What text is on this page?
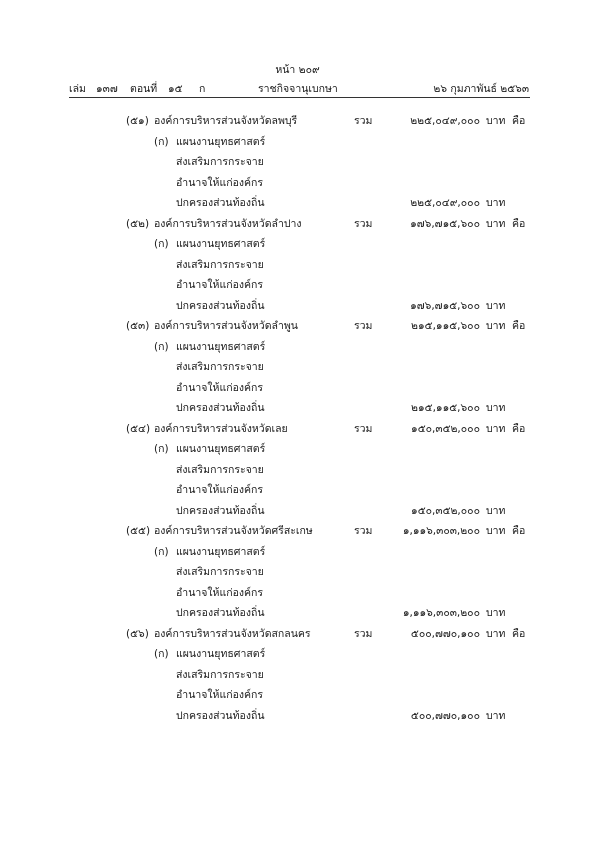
หน้า ๒๐๙
เล่ม ๑๓๗ ตอนที่ ๑๕ ก	ราชกิจจานุเบกษา	๒๖ กุมภาพันธ์ ๒๕๖๓
(๕๑) องค์การบริหารส่วนจังหวัดลพบุรี	รวม	๒๒๕,๐๔๙,๐๐๐ บาท คือ
(ก) แผนงานยุทธศาสตร์
ส่งเสริมการกระจาย
อำนาจให้แก่องค์กร
ปกครองส่วนท้องถิ่น	๒๒๕,๐๔๙,๐๐๐ บาท
(๕๒) องค์การบริหารส่วนจังหวัดลำปาง	รวม	๑๗๖,๗๑๕,๖๐๐ บาท คือ
(ก) แผนงานยุทธศาสตร์
ส่งเสริมการกระจาย
อำนาจให้แก่องค์กร
ปกครองส่วนท้องถิ่น	๑๗๖,๗๑๕,๖๐๐ บาท
(๕๓) องค์การบริหารส่วนจังหวัดลำพูน	รวม	๒๑๕,๑๑๕,๖๐๐ บาท คือ
(ก) แผนงานยุทธศาสตร์
ส่งเสริมการกระจาย
อำนาจให้แก่องค์กร
ปกครองส่วนท้องถิ่น	๒๑๕,๑๑๕,๖๐๐ บาท
(๕๔) องค์การบริหารส่วนจังหวัดเลย	รวม	๑๕๐,๓๕๒,๐๐๐ บาท คือ
(ก) แผนงานยุทธศาสตร์
ส่งเสริมการกระจาย
อำนาจให้แก่องค์กร
ปกครองส่วนท้องถิ่น	๑๕๐,๓๕๒,๐๐๐ บาท
(๕๕) องค์การบริหารส่วนจังหวัดศรีสะเกษ	รวม	๑,๑๑๖,๓๐๓,๒๐๐ บาท คือ
(ก) แผนงานยุทธศาสตร์
ส่งเสริมการกระจาย
อำนาจให้แก่องค์กร
ปกครองส่วนท้องถิ่น	๑,๑๑๖,๓๐๓,๒๐๐ บาท
(๕๖) องค์การบริหารส่วนจังหวัดสกลนคร	รวม	๕๐๐,๗๗๐,๑๐๐ บาท คือ
(ก) แผนงานยุทธศาสตร์
ส่งเสริมการกระจาย
อำนาจให้แก่องค์กร
ปกครองส่วนท้องถิ่น	๕๐๐,๗๗๐,๑๐๐ บาท
